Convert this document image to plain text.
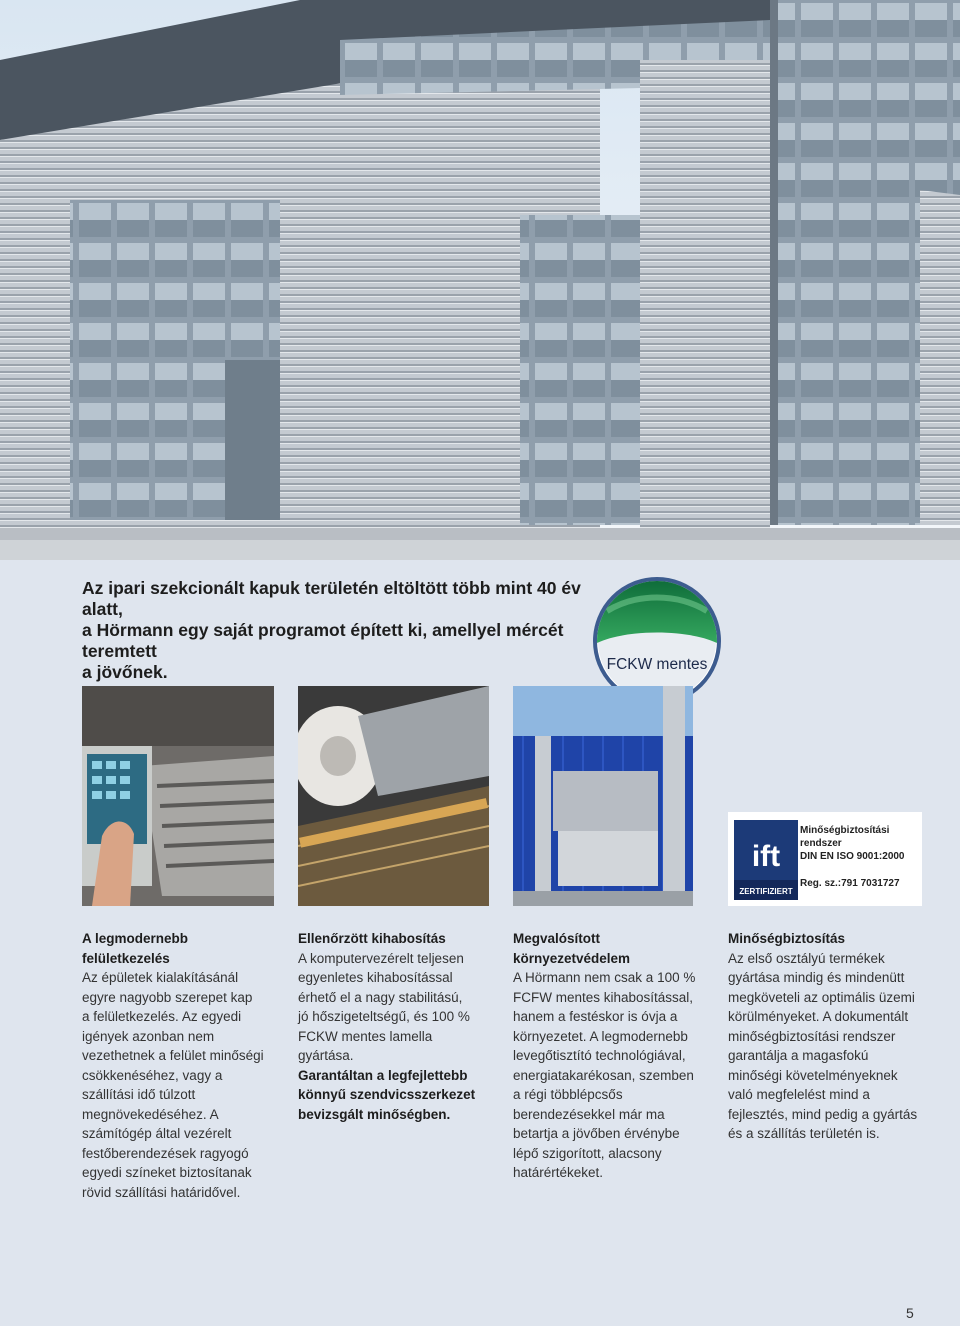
Az ipari szekcionált kapuk területén eltöltött több mint 40 év alatt,
a Hörmann egy saját programot épített ki, amellyel mércét teremtett
a jövőnek.	FCKW mentes
ift
ZERTIFIZIERT
Minőségbiztosítási
rendszer
DIN EN ISO 9001:2000
Reg. sz.:791 7031727
A legmodernebb
felületkezelés
Az épületek kialakításánál
egyre nagyobb szerepet kap
a felületkezelés. Az egyedi
igények azonban nem
vezethetnek a felület minőségi
csökkenéséhez, vagy a
szállítási idő túlzott
megnövekedéséhez. A
számítógép által vezérelt
festőberendezések ragyogó
egyedi színeket biztosítanak
rövid szállítási határidővel.
Ellenőrzött kihabosítás
A komputervezérelt teljesen
egyenletes kihabosítással
érhető el a nagy stabilitású,
jó hőszigeteltségű, és 100 %
FCKW mentes lamella
gyártása.
Garantáltan a legfejlettebb
könnyű szendvicsszerkezet
bevizsgált minőségben.
Megvalósított
környezetvédelem
A Hörmann nem csak a 100 %
FCFW mentes kihabosítással,
hanem a festéskor is óvja a
környezetet. A legmodernebb
levegőtisztító technológiával,
energiatakarékosan, szemben
a régi többlépcsős
berendezésekkel már ma
betartja a jövőben érvénybe
lépő szigorított, alacsony
határértékeket.
Minőségbiztosítás
Az első osztályú termékek
gyártása mindig és mindenütt
megköveteli az optimális üzemi
körülményeket. A dokumentált
minőségbiztosítási rendszer
garantálja a magasfokú
minőségi követelményeknek
való megfelelést mind a
fejlesztés, mind pedig a gyártás
és a szállítás területén is.
5
